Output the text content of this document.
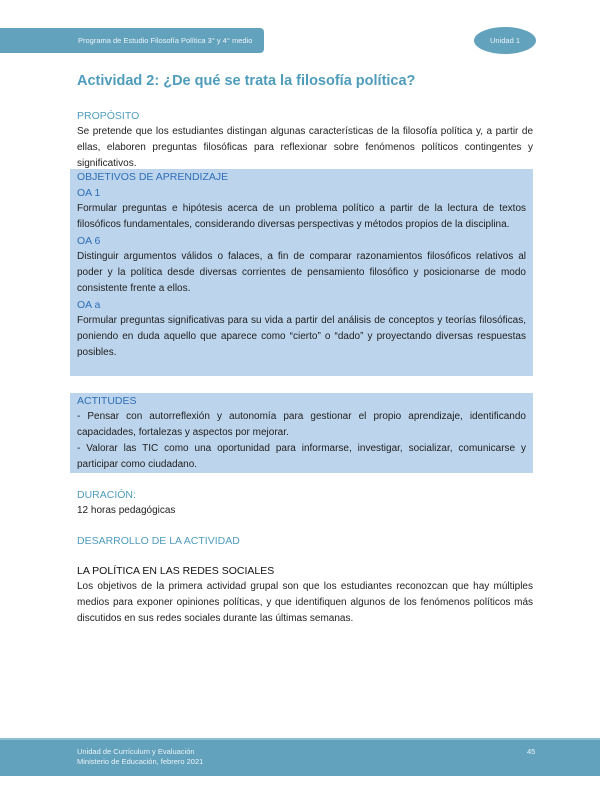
Programa de Estudio Filosofía Política 3° y 4° medio	Unidad 1
Actividad 2: ¿De qué se trata la filosofía política?
PROPÓSITO

Se pretende que los estudiantes distingan algunas características de la filosofía política y, a partir de ellas, elaboren preguntas filosóficas para reflexionar sobre fenómenos políticos contingentes y significativos.

OBJETIVOS DE APRENDIZAJE
OA 1

Formular preguntas e hipótesis acerca de un problema político a partir de la lectura de textos filosóficos fundamentales, considerando diversas perspectivas y métodos propios de la disciplina.

OA 6

Distinguir argumentos válidos o falaces, a fin de comparar razonamientos filosóficos relativos al poder y la política desde diversas corrientes de pensamiento filosófico y posicionarse de modo consistente frente a ellos.

OA a

Formular preguntas significativas para su vida a partir del análisis de conceptos y teorías filosóficas, poniendo en duda aquello que aparece como “cierto” o “dado” y proyectando diversas respuestas posibles.

ACTITUDES

- Pensar con autorreflexión y autonomía para gestionar el propio aprendizaje, identificando capacidades, fortalezas y aspectos por mejorar.

- Valorar las TIC como una oportunidad para informarse, investigar, socializar, comunicarse y participar como ciudadano.

DURACIÓN:

12 horas pedagógicas

DESARROLLO DE LA ACTIVIDAD
LA POLÍTICA EN LAS REDES SOCIALES

Los objetivos de la primera actividad grupal son que los estudiantes reconozcan que hay múltiples medios para exponer opiniones políticas, y que identifiquen algunos de los fenómenos políticos más discutidos en sus redes sociales durante las últimas semanas.

Unidad de Currículum y Evaluación
Ministerio de Educación, febrero 2021
45
